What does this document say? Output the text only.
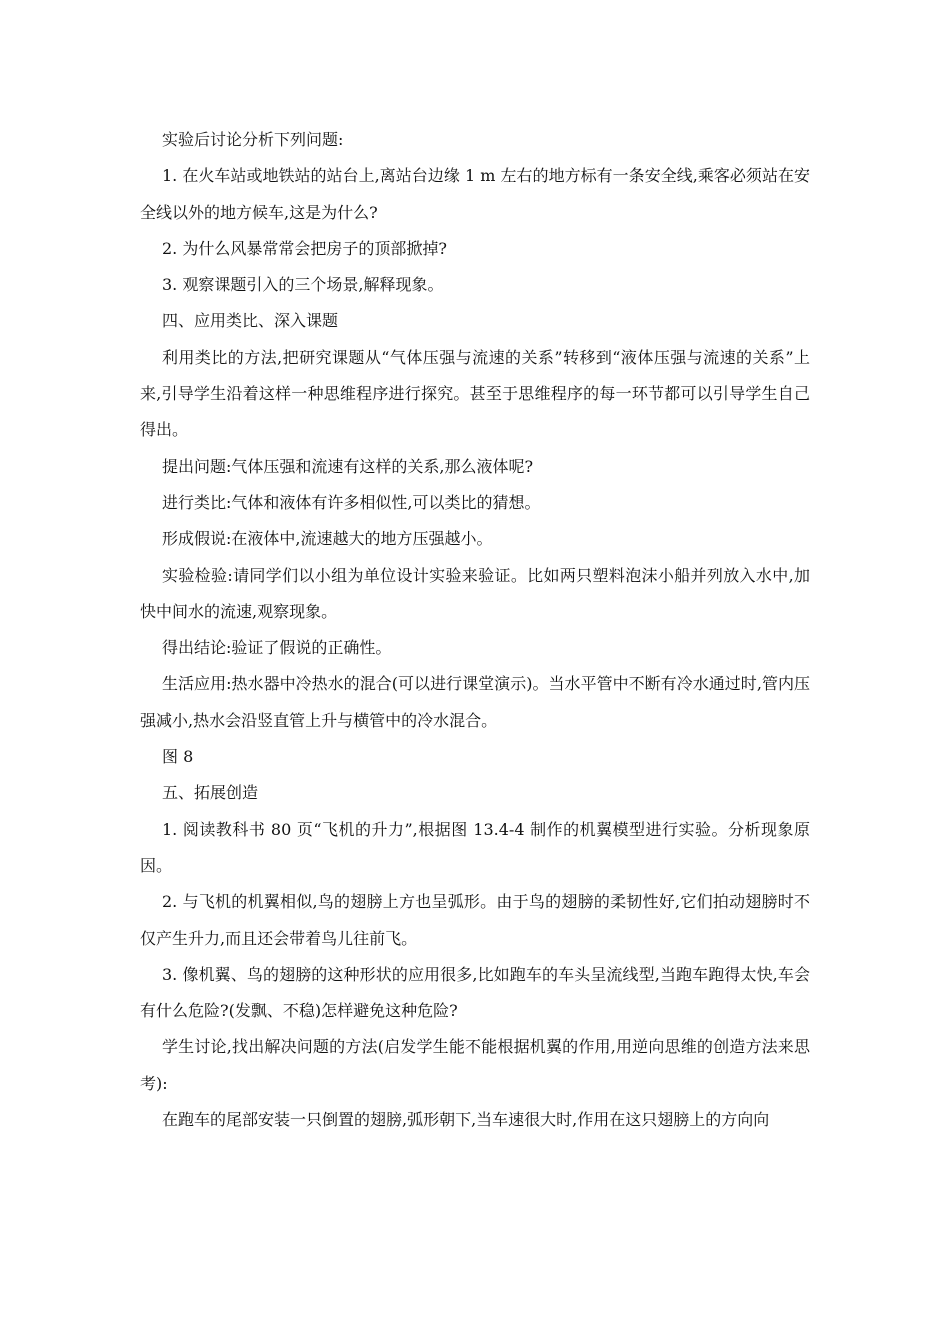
实验后讨论分析下列问题:

1. 在火车站或地铁站的站台上,离站台边缘 1 m 左右的地方标有一条安全线,乘客必须站在安全线以外的地方候车,这是为什么?

2. 为什么风暴常常会把房子的顶部掀掉?

3. 观察课题引入的三个场景,解释现象。

四、应用类比、深入课题

利用类比的方法,把研究课题从“气体压强与流速的关系”转移到“液体压强与流速的关系”上来,引导学生沿着这样一种思维程序进行探究。甚至于思维程序的每一环节都可以引导学生自己得出。

提出问题:气体压强和流速有这样的关系,那么液体呢?

进行类比:气体和液体有许多相似性,可以类比的猜想。

形成假说:在液体中,流速越大的地方压强越小。

实验检验:请同学们以小组为单位设计实验来验证。比如两只塑料泡沫小船并列放入水中,加快中间水的流速,观察现象。

得出结论:验证了假说的正确性。

生活应用:热水器中冷热水的混合(可以进行课堂演示)。当水平管中不断有冷水通过时,管内压强减小,热水会沿竖直管上升与横管中的冷水混合。

图 8

五、拓展创造

1. 阅读教科书 80 页“飞机的升力”,根据图 13.4-4 制作的机翼模型进行实验。分析现象原因。

2. 与飞机的机翼相似,鸟的翅膀上方也呈弧形。由于鸟的翅膀的柔韧性好,它们拍动翅膀时不仅产生升力,而且还会带着鸟儿往前飞。

3. 像机翼、鸟的翅膀的这种形状的应用很多,比如跑车的车头呈流线型,当跑车跑得太快,车会有什么危险?(发飘、不稳)怎样避免这种危险?

学生讨论,找出解决问题的方法(启发学生能不能根据机翼的作用,用逆向思维的创造方法来思考):

在跑车的尾部安装一只倒置的翅膀,弧形朝下,当车速很大时,作用在这只翅膀上的方向向
